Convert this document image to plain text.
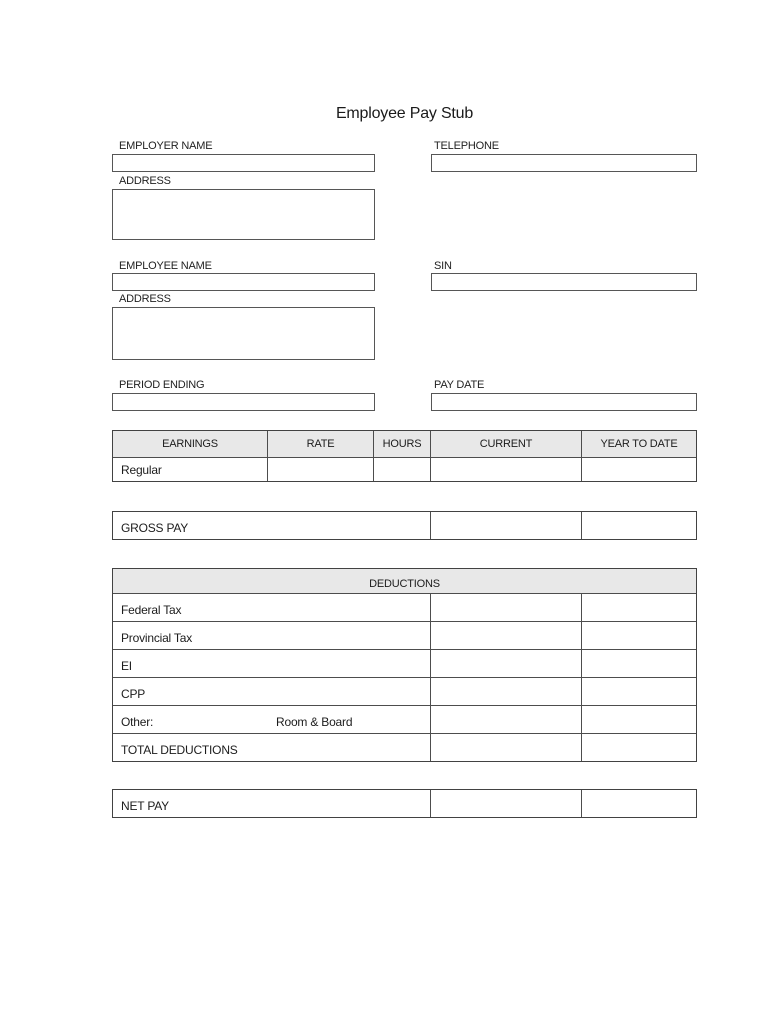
Employee Pay Stub
EMPLOYER NAME	TELEPHONE
ADDRESS
EMPLOYEE NAME	SIN
ADDRESS
PERIOD ENDING	PAY DATE
EARNINGS	RATE	HOURS	CURRENT	YEAR TO DATE
Regular
GROSS PAY
DEDUCTIONS
Federal Tax
Provincial Tax
EI
CPP
Other:	Room & Board
TOTAL DEDUCTIONS
NET PAY
